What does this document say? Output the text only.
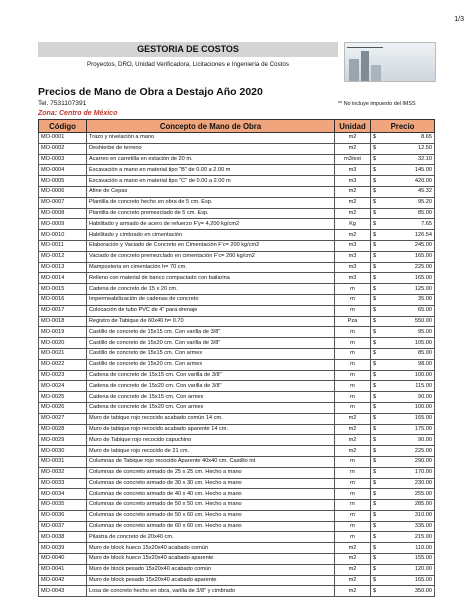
1/3
GESTORIA DE COSTOS
Proyectos, DRO, Unidad Verificadora, Licitaciones e Ingeniería de Costos
Precios de Mano de Obra a Destajo Año 2020
Tel. 7531107391
Zona: Centro de México
** No incluye impuesto del IMSS
Código	Concepto de Mano de Obra	Unidad	Precio	
MO-0001	Trazo y nivelación a mano	m2	$	8.65
MO-0002	Deshierbe de terreno	m2	$	12.50
MO-0003	Acarreo en carretilla en estación de 20 m.	m3/est	$	32.10
MO-0004	Excavación a mano en material tipo "B" de 0.00 a 2.00 m	m3	$	145.00
MO-0005	Excavación a mano en material tipo "C" de 0.00 a 2.00 m	m3	$	420.00
MO-0006	Afine de Cepas	m2	$	45.32
MO-0007	Plantilla de concreto hecho en obra de 5 cm. Esp.	m2	$	95.20
MO-0008	Plantilla de concreto premezclado de 5 cm. Esp.	m2	$	85.00
MO-0009	Habilitado y armado de acero de refuerzo F'y= 4,200 kg/cm2	Kg	$	7.65
MO-0010	Habilitado y cimbrado en cimentación	m2	$	126.54
MO-0011	Elaboración y Vaciado de Concreto en Cimentación F'c= 200 kg/cm2	m3	$	245.00
MO-0012	Vaciado de concreto premezclado en cimentación F'c= 200 kg/cm2	m3	$	165.00
MO-0013	Mamposteria en cimentación h= 70 cm.	m3	$	225.00
MO-0014	Relleno con material de banco compactado con bailarina	m3	$	165.00
MO-0015	Cadena de concreto de 15 x 20 cm.	m	$	125.00
MO-0016	Impermeabilización de cadenas de concreto	m	$	35.00
MO-0017	Colocación de tubo PVC de 4" para drenaje	m	$	65.00
MO-0018	Registro de Tabique de 60x40 h= 0.70	Pza	$	550.00
MO-0019	Castillo de concreto de 15x15 cm. Con varilla de 3/8"	m	$	95.00
MO-0020	Castillo de concreto de 15x20 cm. Con varilla de 3/8"	m	$	105.00
MO-0021	Castillo de concreto de 15x15 cm. Con armex	m	$	85.00
MO-0022	Castillo de concreto de 15x20 cm. Con armex	m	$	98.00
MO-0023	Cadena de concreto de 15x15 cm. Con varilla de 3/8"	m	$	100.00
MO-0024	Cadena de concreto de 15x20 cm. Con varilla de 3/8"	m	$	115.00
MO-0025	Cadena de concreto de 15x15 cm. Con armex	m	$	90.00
MO-0026	Cadena de concreto de 15x20 cm. Con armex	m	$	100.00
MO-0027	Muro de tabique rojo recocido acabado común 14 cm.	m2	$	165.00
MO-0028	Muro de tabique rojo recocido acabado aparente 14 cm.	m2	$	175.00
MO-0029	Muro de Tabique rojo recocido capuchino	m2	$	90.00
MO-0030	Muro de tabique rojo recocido de 21 cm.	m2	$	225.00
MO-0031	Columnas de Tabique rojo recocido Aparente 40x40 cm. Castillo int	m	$	290.00
MO-0032	Columnas de concreto armado de 25 x 25 cm. Hecho a mano	m	$	170.00
MO-0033	Columnas de concreto armado de 30 x 30 cm. Hecho a mano	m	$	230.00
MO-0034	Columnas de concreto armado de 40 x 40 cm. Hecho a mano	m	$	255.00
MO-0035	Columnas de concreto armado de 50 x 50 cm. Hecho a mano	m	$	285.00
MO-0036	Columnas de concreto armado de 50 x 60 cm. Hecho a mano	m	$	310.00
MO-0037	Columnas de concreto armado de 60 x 60 cm. Hecho a mano	m	$	335.00
MO-0038	Pilastra de concreto de 20x40 cm.	m	$	215.00
MO-0039	Muro de block hueco 15x20x40 acabado común	m2	$	110.00
MO-0040	Muro de block hueco 15x20x40 acabado aparente	m2	$	155.00
MO-0041	Muro de block pesado 15x20x40 acabado común	m2	$	120.00
MO-0042	Muro de block pesado 15x20x40 acabado aparente	m2	$	165.00
MO-0043	Losa de concreto hecho en obra, varilla de 3/8" y cimbrado	m2	$	350.00
